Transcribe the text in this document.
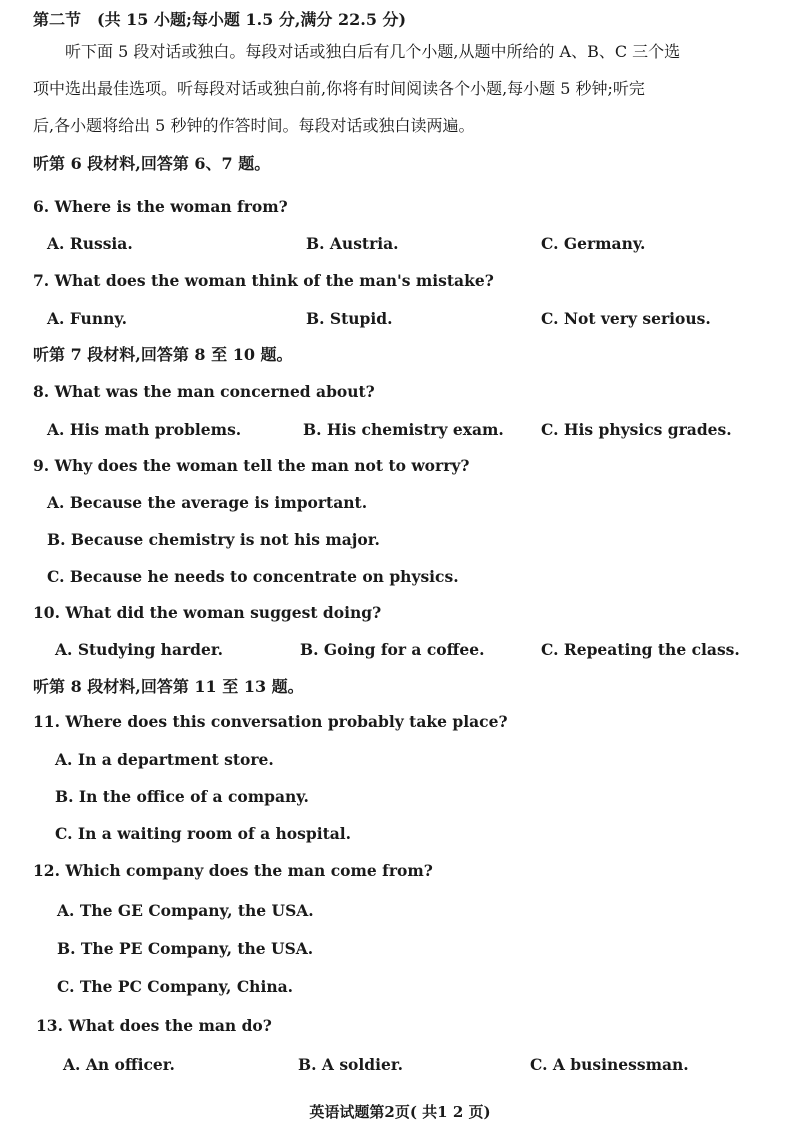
第二节　(共 15 小题;每小题 1.5 分,满分 22.5 分)
听下面 5 段对话或独白。每段对话或独白后有几个小题,从题中所给的 A、B、C 三个选
项中选出最佳选项。听每段对话或独白前,你将有时间阅读各个小题,每小题 5 秒钟;听完
后,各小题将给出 5 秒钟的作答时间。每段对话或独白读两遍。
听第 6 段材料,回答第 6、7 题。
6. Where is the woman from?
A. Russia.	B. Austria.	C. Germany.
7. What does the woman think of the man's mistake?
A. Funny.	B. Stupid.	C. Not very serious.
听第 7 段材料,回答第 8 至 10 题。
8. What was the man concerned about?
A. His math problems.	B. His chemistry exam. C. His physics grades.
9. Why does the woman tell the man not to worry?
A. Because the average is important.
B. Because chemistry is not his major.
C. Because he needs to concentrate on physics.
10. What did the woman suggest doing?
A. Studying harder.	B. Going for a coffee.	C. Repeating the class.
听第 8 段材料,回答第 11 至 13 题。
11. Where does this conversation probably take place?
A. In a department store.
B. In the office of a company.
C. In a waiting room of a hospital.
12. Which company does the man come from?
A. The GE Company, the USA.
B. The PE Company, the USA.
C. The PC Company, China.
13. What does the man do?
A. An officer.	B. A soldier.	C. A businessman.
英语试题第2页( 共1 2 页)
